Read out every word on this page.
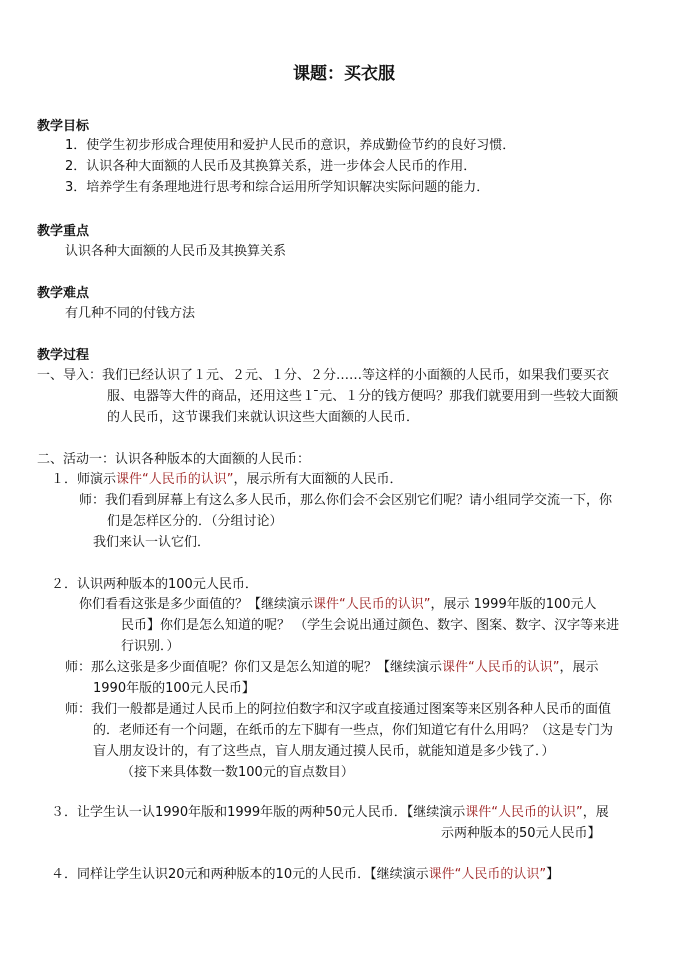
课题：买衣服
教学目标
1．使学生初步形成合理使用和爱护人民币的意识，养成勤俭节约的良好习惯．
2．认识各种大面额的人民币及其换算关系，进一步体会人民币的作用．
3．培养学生有条理地进行思考和综合运用所学知识解决实际问题的能力．
教学重点
认识各种大面额的人民币及其换算关系
教学难点
有几种不同的付钱方法
教学过程
一、导入：我们已经认识了１元、２元、１分、２分……等这样的小面额的人民币，如果我们要买衣
服、电器等大件的商品，还用这些１ ̄元、１分的钱方便吗？那我们就要用到一些较大面额
的人民币，这节课我们来就认识这些大面额的人民币．
二、活动一：认识各种版本的大面额的人民币：
１．师演示课件“人民币的认识”，展示所有大面额的人民币．
师：我们看到屏幕上有这么多人民币，那么你们会不会区别它们呢？请小组同学交流一下，你
们是怎样区分的．（分组讨论）
我们来认一认它们．
２．认识两种版本的100元人民币．
你们看看这张是多少面值的？【继续演示课件“人民币的认识”，展示 1999年版的100元人
民币】你们是怎么知道的呢？ （学生会说出通过颜色、数字、图案、数字、汉字等来进
行识别．）
师：那么这张是多少面值呢？你们又是怎么知道的呢？【继续演示课件“人民币的认识”，展示
1990年版的100元人民币】
师：我们一般都是通过人民币上的阿拉伯数字和汉字或直接通过图案等来区别各种人民币的面值
的．老师还有一个问题，在纸币的左下脚有一些点，你们知道它有什么用吗？（这是专门为
盲人朋友设计的，有了这些点，盲人朋友通过摸人民币，就能知道是多少钱了．）
（接下来具体数一数100元的盲点数目）
３．让学生认一认1990年版和1999年版的两种50元人民币．【继续演示课件“人民币的认识”，展
示两种版本的50元人民币】
４．同样让学生认识20元和两种版本的10元的人民币．【继续演示课件“人民币的认识”】
